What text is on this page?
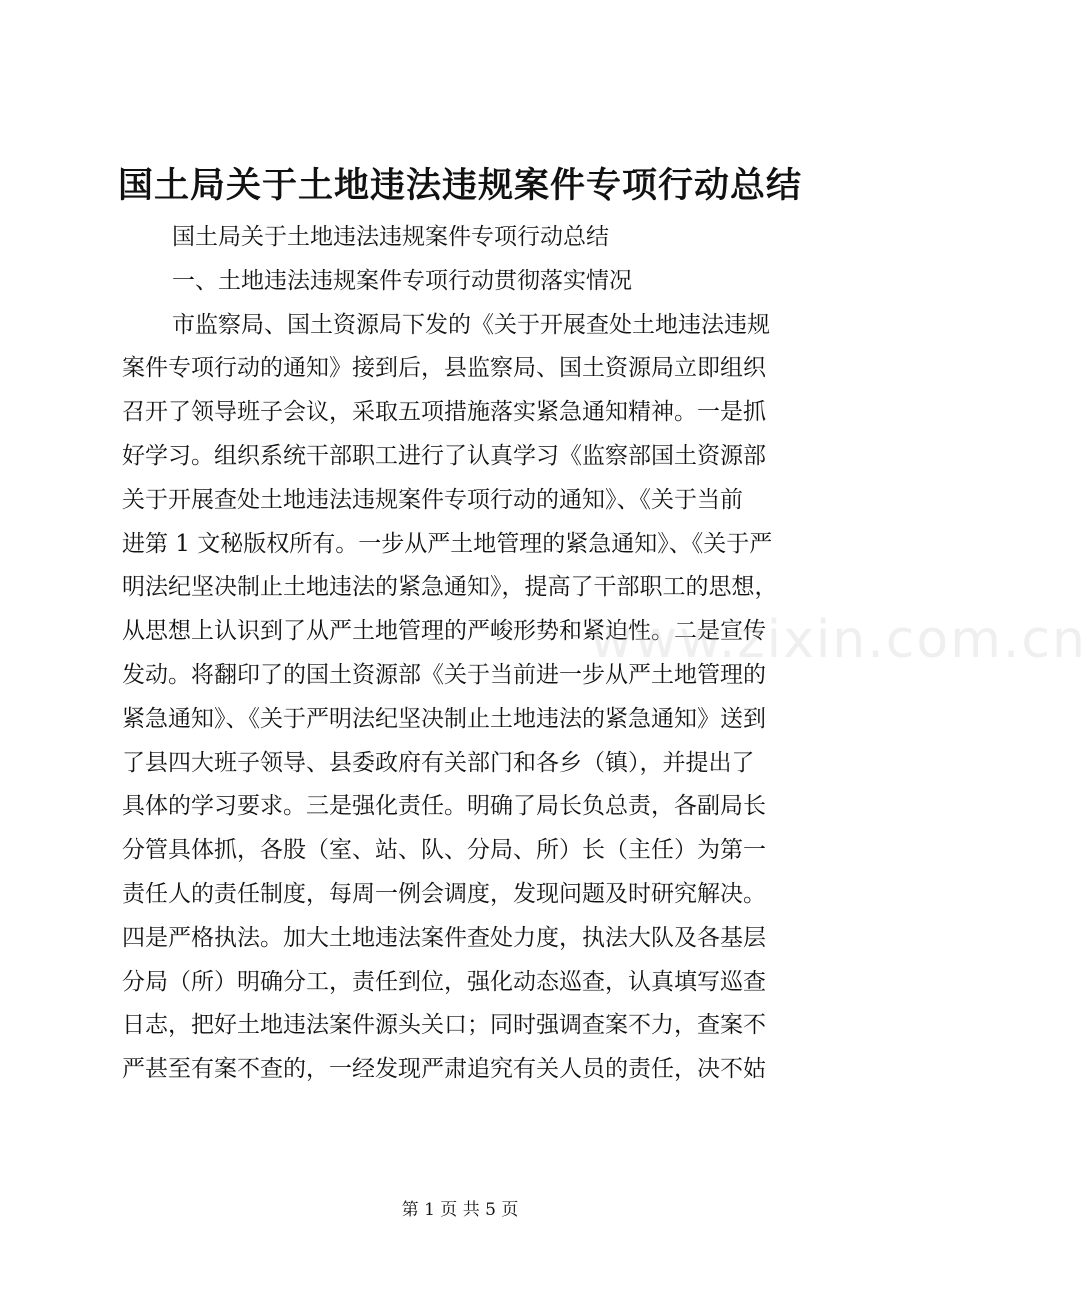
国土局关于土地违法违规案件专项行动总结
国土局关于土地违法违规案件专项行动总结
一、土地违法违规案件专项行动贯彻落实情况
市监察局、国土资源局下发的《关于开展查处土地违法违规
案件专项行动的通知》接到后，县监察局、国土资源局立即组织
召开了领导班子会议，采取五项措施落实紧急通知精神。一是抓
好学习。组织系统干部职工进行了认真学习《监察部国土资源部
关于开展查处土地违法违规案件专项行动的通知》、《关于当前
进第 1 文秘版权所有。一步从严土地管理的紧急通知》、《关于严
明法纪坚决制止土地违法的紧急通知》，提高了干部职工的思想，
从思想上认识到了从严土地管理的严峻形势和紧迫性。二是宣传
发动。将翻印了的国土资源部《关于当前进一步从严土地管理的
紧急通知》、《关于严明法纪坚决制止土地违法的紧急通知》送到
了县四大班子领导、县委政府有关部门和各乡（镇），并提出了
具体的学习要求。三是强化责任。明确了局长负总责，各副局长
分管具体抓，各股（室、站、队、分局、所）长（主任）为第一
责任人的责任制度，每周一例会调度，发现问题及时研究解决。
四是严格执法。加大土地违法案件查处力度，执法大队及各基层
分局（所）明确分工，责任到位，强化动态巡查，认真填写巡查
日志，把好土地违法案件源头关口；同时强调查案不力，查案不
严甚至有案不查的，一经发现严肃追究有关人员的责任，决不姑
www.zixin.com.cn
第 1 页 共 5 页
